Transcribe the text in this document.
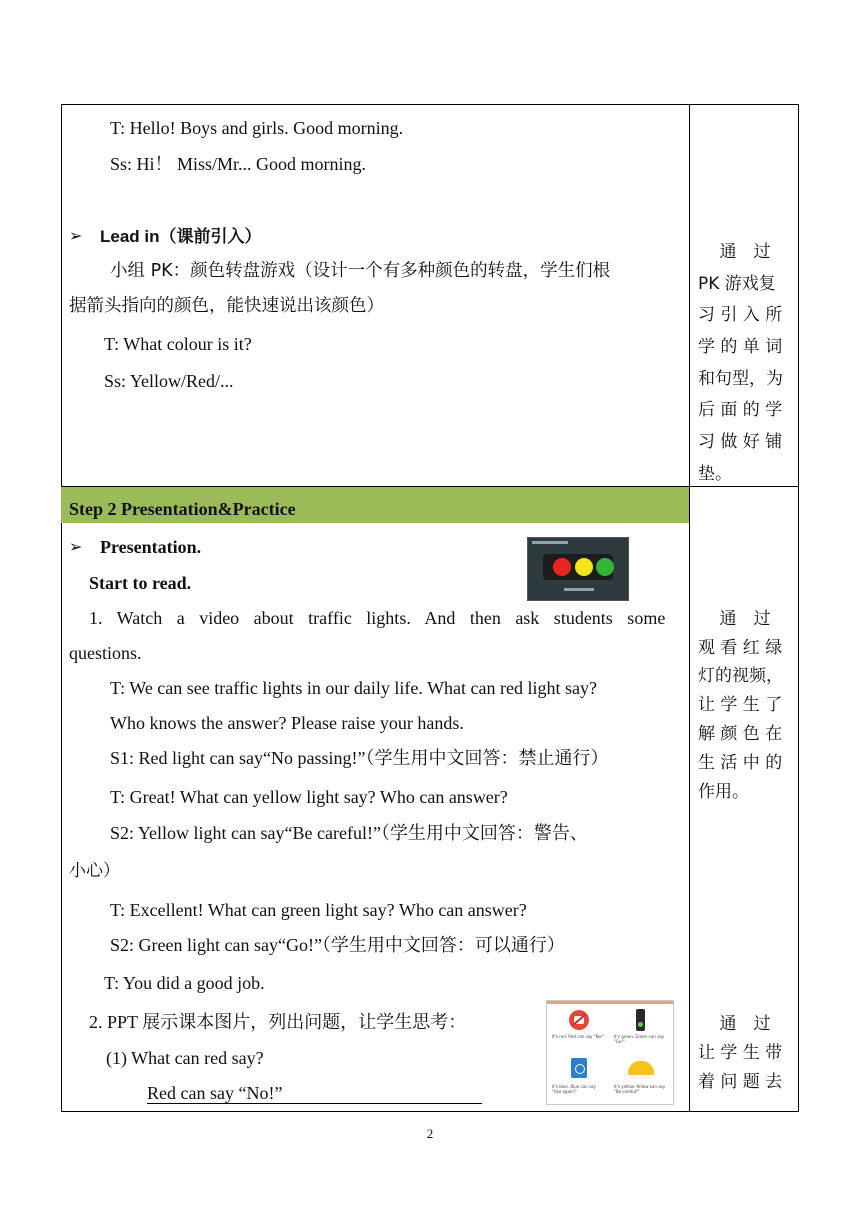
Step 2 Presentation&Practice
T: Hello! Boys and girls. Good morning.
Ss: Hi！ Miss/Mr... Good morning.
➢ Lead in（课前引入）
小组 PK：颜色转盘游戏（设计一个有多种颜色的转盘，学生们根
据箭头指向的颜色，能快速说出该颜色）
T: What colour is it?
Ss: Yellow/Red/...
通　过
PK 游戏复
习 引 入 所
学 的 单 词
和句型，为
后 面 的 学
习 做 好 铺
垫。
➢ Presentation.
Start to read.
1. Watch a video about traffic lights. And then ask students some
questions.
T: We can see traffic lights in our daily life. What can red light say?
Who knows the answer? Please raise your hands.
S1: Red light can say“No passing!”（学生用中文回答：禁止通行）
T: Great! What can yellow light say? Who can answer?
S2: Yellow light can say“Be careful!”（学生用中文回答：警告、
小心）
T: Excellent! What can green light say? Who can answer?
S2: Green light can say“Go!”（学生用中文回答：可以通行）
T: You did a good job.
2. PPT 展示课本图片，列出问题，让学生思考：
(1) What can red say?
Red can say “No!”
It's red. Red can say "No!"	It's green. Green can say "Go!"
It's blue. Blue can say "Use again!"
It's yellow. Yellow can say "Be careful!"
通　过
观 看 红 绿
灯的视频，
让 学 生 了
解 颜 色 在
生 活 中 的
作用。
通　过
让 学 生 带
着 问 题 去
2
